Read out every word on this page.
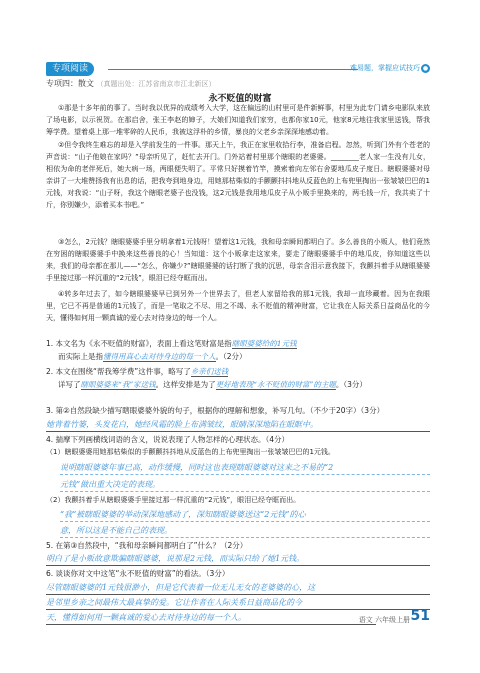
专项阅读	难易题，掌握应试技巧 ●
专项四：散文 （真题出处：江苏省南京市江北新区）
永不贬值的财富
①那是十多年前的事了。当时我以优异的成绩考入大学，这在偏远的山村里可是件新鲜事，村里为此专门请乡电影队来放了场电影，以示祝贺。在那启舍，张王李赵的婶子，大娘们知道我们家穷，也都你家10元，他家8元地往我家里送钱，帮我筹学费。望着桌上那一堆零碎的人民币，我被这浮朴的乡情，暴良的父老乡亲深深地感动着。
②但令我终生难忘的却是入学前发生的一件事。那天上午，我正在家里收拾行李，准备启程。忽然，听到门外有个苍老的声音说：“山子他娘在家吗？”母亲听见了，赶忙去开门。门外站着村里那个瞎眼的老婆婆。________老人家一生没有儿女，相依为命的老伴死后，她大病一场，两眼便失明了。平常只好摸着竹竿，摸索着向左邻右舍要地瓜皮子度日。瞎眼婆婆对母亲讲了一大堆赞扬我有出息的话，把我夸到地身边，用她那枯柴似的手颤颤抖抖地从反蓝色的上布兜里掏出一张皱皱巴巴的1元钱，对我说：“山子呀，我这个瞎眼老婆子也没钱，这2元钱是我用地瓜皮子从小贩手里换来的，两毛钱一斤，我共卖了十斤，你别嫌少，添着买本书吧。”
③怎么，2元钱？瞎眼婆婆手里分明拿着1元钱呀！望着这1元钱，我和母亲瞬间都明白了。多么善良的小贩人，他们竟然在穷困的瞎眼婆婆手中换来这些善良的心！当知道：这个小贩拿走这家来，要走了瞎眼婆婆手中的地瓜皮，你知道这些以来，我们的母亲都在那儿——“怎么，你嫌少?”瞎眼婆婆的话打断了我的沉思，母亲含泪示意我接下，我颤抖着手从瞎眼婆婆手里接过那一样沉重的“2元钱”，眼泪已经夺眶而出。
④转多年过去了，如今瞎眼婆婆早已到另外一个世界去了，但老人家留给我的那1元钱，我却一直珍藏着。因为在我眼里，它已不再是普通的1元钱了，而是一笔取之不尽、用之不竭、永不贬值的精神财富，它让我在人际关系日益商品化的今天，懂得如何用一颗真诚的爱心去对待身边的每一个人。
1. 本文名为《永不贬值的财富》，表面上看这笔财富是指瞎眼婆婆给的1元钱
而实际上是指懂得用真心去对待身边的每一个人。（2分）
2. 本文在围绕“帮我筹学费”这件事，略写了乡亲们送钱
详写了瞎眼婆婆来“我”家送钱。这样安排是为了更好地表现“永不贬值的财富”的主题。（3分）
3. 第②自然段缺少描写瞎眼婆婆外貌的句子，根据你的理解和想象，补写几句。（不少于20字）（3分）
她背着竹篓，头发花白，她经风霜的脸上布满皱纹，眼睛深深地陷在眼眶中。
4. 揣摩下列画横线词语的含义，说说表现了人物怎样的心理状态。（4分）
（1）瞎眼婆婆用她那枯柴似的手颤颤抖抖地从反蓝色的上布兜里掏出一张皱皱巴巴的1元钱。
说明瞎眼婆婆年事已高，动作缓慢，同时这也表现瞎眼婆婆对这来之不易的“2
元钱”做出重大决定的表现。
（2）我颤抖着手从瞎眼婆婆手里接过那一样沉重的“2元钱”，眼泪已经夺眶而出。
“我”被瞎眼婆婆的举动深深地感动了，深知瞎眼婆婆送这“2元钱”的心
意，所以这是不能自己的表现。
5. 在第③自然段中，“我和母亲瞬间都明白了”什么？（2分）
明白了是小贩故意欺骗瞎眼婆婆，说那是2元钱，而实际只给了她1元钱。
6. 谈谈你对文中这笔“永不贬值的财富”的看法。（3分）
尽管瞎眼婆婆的1元钱很渺小，但是它代表着一位无儿无女的老婆婆的心，这
是邻里乡亲之间最伟大最真挚的爱。它让作者在人际关系日益商品化的今
天，懂得如何用一颗真诚的爱心去对待身边的每一个人。	语文 六年级上册 51
